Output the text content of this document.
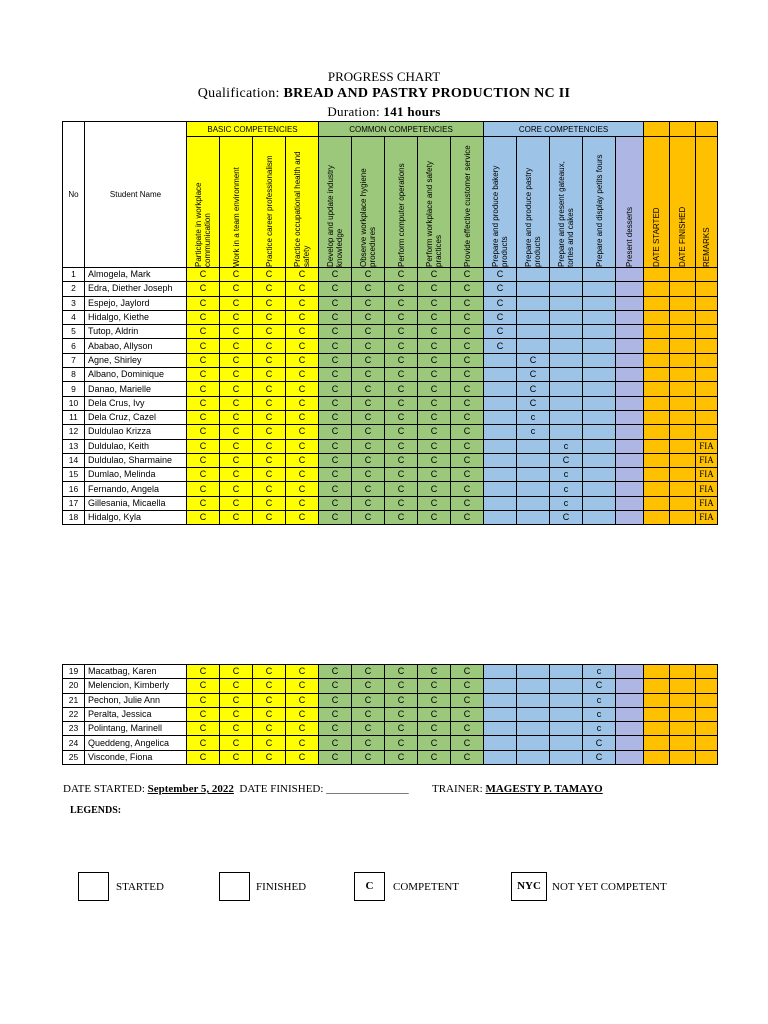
PROGRESS CHART
Qualification: BREAD AND PASTRY PRODUCTION NC II
Duration: 141 hours
No	Student Name	BASIC COMPETENCIES				COMMON COMPETENCIES					CORE COMPETENCIES							

		Participate in workplace communication	Work in a team environment	Practice career professionalism	Practice occupational health and safety	Develop and update industry knowledge	Observe workplace hygiene procedures	Perform computer operations	Perform workplace and safety practices	Provide effective customer service	Prepare and produce bakery products	Prepare and produce pastry products	Prepare and present gateaux, tortes and cakes	Prepare and display petits fours	Present desserts	DATE STARTED	DATE FINISHED	REMARKS

1	Almogela, Mark	C	C	C	C	C	C	C	C	C	C							
2	Edra, Diether Joseph	C	C	C	C	C	C	C	C	C	C							
3	Espejo, Jaylord	C	C	C	C	C	C	C	C	C	C							
4	Hidalgo, Kiethe	C	C	C	C	C	C	C	C	C	C							
5	Tutop, Aldrin	C	C	C	C	C	C	C	C	C	C							
6	Ababao, Allyson	C	C	C	C	C	C	C	C	C	C							
7	Agne, Shirley	C	C	C	C	C	C	C	C	C		C						
8	Albano, Dominique	C	C	C	C	C	C	C	C	C		C						
9	Danao, Marielle	C	C	C	C	C	C	C	C	C		C						
10	Dela Crus, Ivy	C	C	C	C	C	C	C	C	C		C						
11	Dela Cruz, Cazel	C	C	C	C	C	C	C	C	C		c						
12	Duldulao Krizza	C	C	C	C	C	C	C	C	C		c						
13	Duldulao, Keith	C	C	C	C	C	C	C	C	C			c					FIA
14	Duldulao, Sharmaine	C	C	C	C	C	C	C	C	C			C					FIA
15	Dumlao, Melinda	C	C	C	C	C	C	C	C	C			c					FIA
16	Fernando, Angela	C	C	C	C	C	C	C	C	C			c					FIA
17	Gillesania, Micaella	C	C	C	C	C	C	C	C	C			c					FIA
18	Hidalgo, Kyla	C	C	C	C	C	C	C	C	C			C					FIA
19	Macatbag, Karen	C	C	C	C	C	C	C	C	C				c				
20	Melencion, Kimberly	C	C	C	C	C	C	C	C	C				C				
21	Pechon, Julie Ann	C	C	C	C	C	C	C	C	C				c				
22	Peralta, Jessica	C	C	C	C	C	C	C	C	C				c				
23	Polintang, Marinell	C	C	C	C	C	C	C	C	C				c				
24	Queddeng, Angelica	C	C	C	C	C	C	C	C	C				C				
25	Visconde, Fiona	C	C	C	C	C	C	C	C	C				C				
DATE STARTED: September 5, 2022 DATE FINISHED: _______________ TRAINER: MAGESTY P. TAMAYO
LEGENDS:
STARTED	FINISHED	C	COMPETENT	NYC	NOT YET COMPETENT
